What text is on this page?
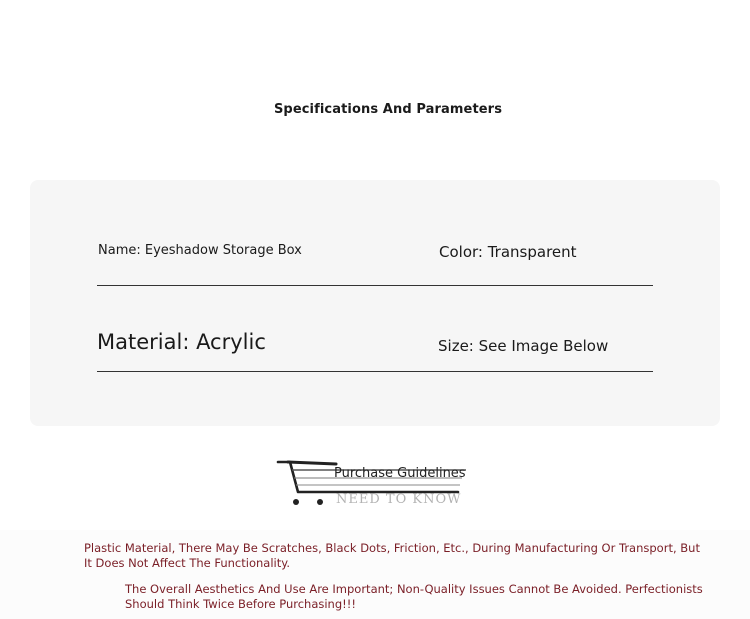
Specifications And Parameters
Name: Eyeshadow Storage Box	Color: Transparent
Material: Acrylic	Size: See Image Below
Purchase Guidelines
NEED TO KNOW
Plastic Material, There May Be Scratches, Black Dots, Friction, Etc., During Manufacturing Or Transport, But It Does Not Affect The Functionality.
The Overall Aesthetics And Use Are Important; Non-Quality Issues Cannot Be Avoided. Perfectionists Should Think Twice Before Purchasing!!!
